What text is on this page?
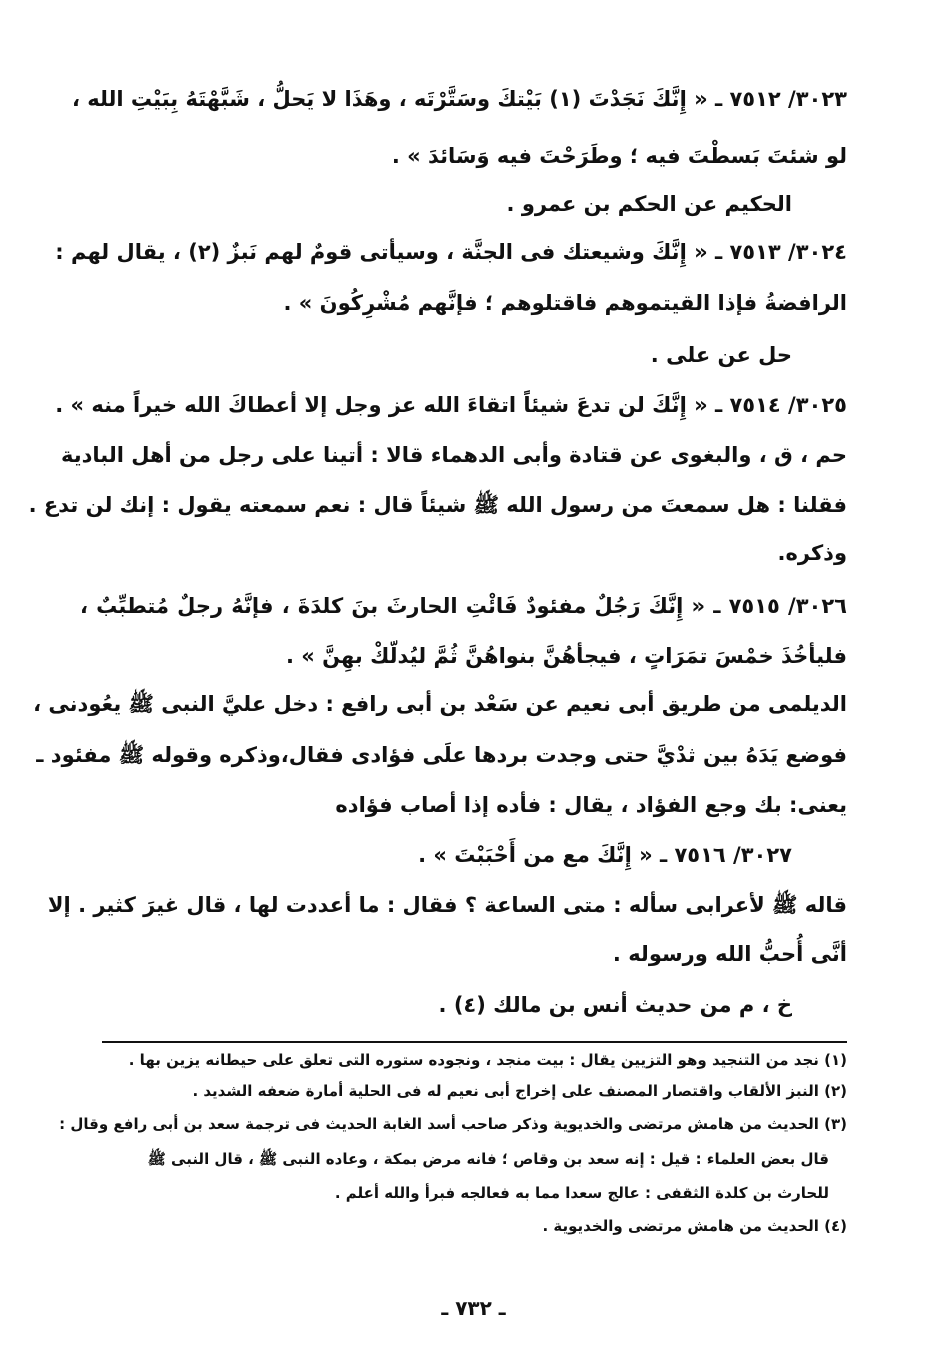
٣٠٢٣/ ٧٥١٢ ـ « إِنَّكَ نَجَدْتَ (١) بَيْتكَ وسَتَّرْتَه ، وهَذَا لا يَحلُّ ، شَبَّهْتَهُ بِبَيْتِ الله ،
لو شئتَ بَسطْتَ فيه ؛ وطَرَحْتَ فيه وَسَائدَ » .
الحكيم عن الحكم بن عمرو .
٣٠٢٤/ ٧٥١٣ ـ « إِنَّكَ وشيعتك فى الجنَّة ، وسيأتى قومٌ لهم نَبزٌ (٢) ، يقال لهم :
الرافضةُ فإذا القيتموهم فاقتلوهم ؛ فإنَّهم مُشْرِكُونَ » .
حل عن على .
٣٠٢٥/ ٧٥١٤ ـ « إِنَّكَ لن تدعَ شيئاً اتقاءَ الله عز وجل إلا أعطاكَ الله خيراً منه » .
حم ، ق ، والبغوى عن قتادة وأبى الدهماء قالا : أتينا على رجل من أهل البادية
فقلنا : هل سمعتَ من رسول الله ﷺ شيئاً قال : نعم سمعته يقول : إنك لن تدع .
وذكره.
٣٠٢٦/ ٧٥١٥ ـ « إِنَّكَ رَجُلٌ مفئودٌ فَائْتِ الحارثَ بنَ كلدَةَ ، فإنَّهُ رجلٌ مُتطبِّبٌ ،
فليأخُذَ خمْسَ تمَرَاتٍ ، فيجأهُنَّ بنواهُنَّ ثُمَّ ليُدلّكْ بهِنَّ » .
الديلمى من طريق أبى نعيم عن سَعْد بن أبى رافع : دخل عليَّ النبى ﷺ يعُودنى ،
فوضع يَدَهُ بين ثدْيَّ حتى وجدت بردها علَى فؤادى فقال،وذكره وقوله ﷺ مفئود ـ
يعنى: بك وجع الفؤاد ، يقال : فأده إذا أصاب فؤاده
٣٠٢٧/ ٧٥١٦ ـ « إِنَّكَ مع من أَحْبَبْتَ » .
قاله ﷺ لأعرابى سأله : متى الساعة ؟ فقال : ما أعددت لها ، قال غيرَ كثير . إلا
أنَّى أُحبُّ الله ورسوله .
خ ، م من حديث أنس بن مالك (٤) .
(١) نجد من التنجيد وهو التزيين يقال : بيت منجد ، ونجوده ستوره التى تعلق على حيطانه يزين بها .
(٢) النبز الألقاب واقتصار المصنف على إخراج أبى نعيم له فى الحلية أمارة ضعفه الشديد .
(٣) الحديث من هامش مرتضى والخديوية وذكر صاحب أسد الغابة الحديث فى ترجمة سعد بن أبى رافع وقال :
قال بعض العلماء : قيل : إنه سعد بن وقاص ؛ فانه مرض بمكة ، وعاده النبى ﷺ ، قال النبى ﷺ
للحارث بن كلدة الثقفى : عالج سعدا مما به فعالجه فبرأ والله أعلم .
(٤) الحديث من هامش مرتضى والخديوية .
ـ ٧٣٢ ـ
